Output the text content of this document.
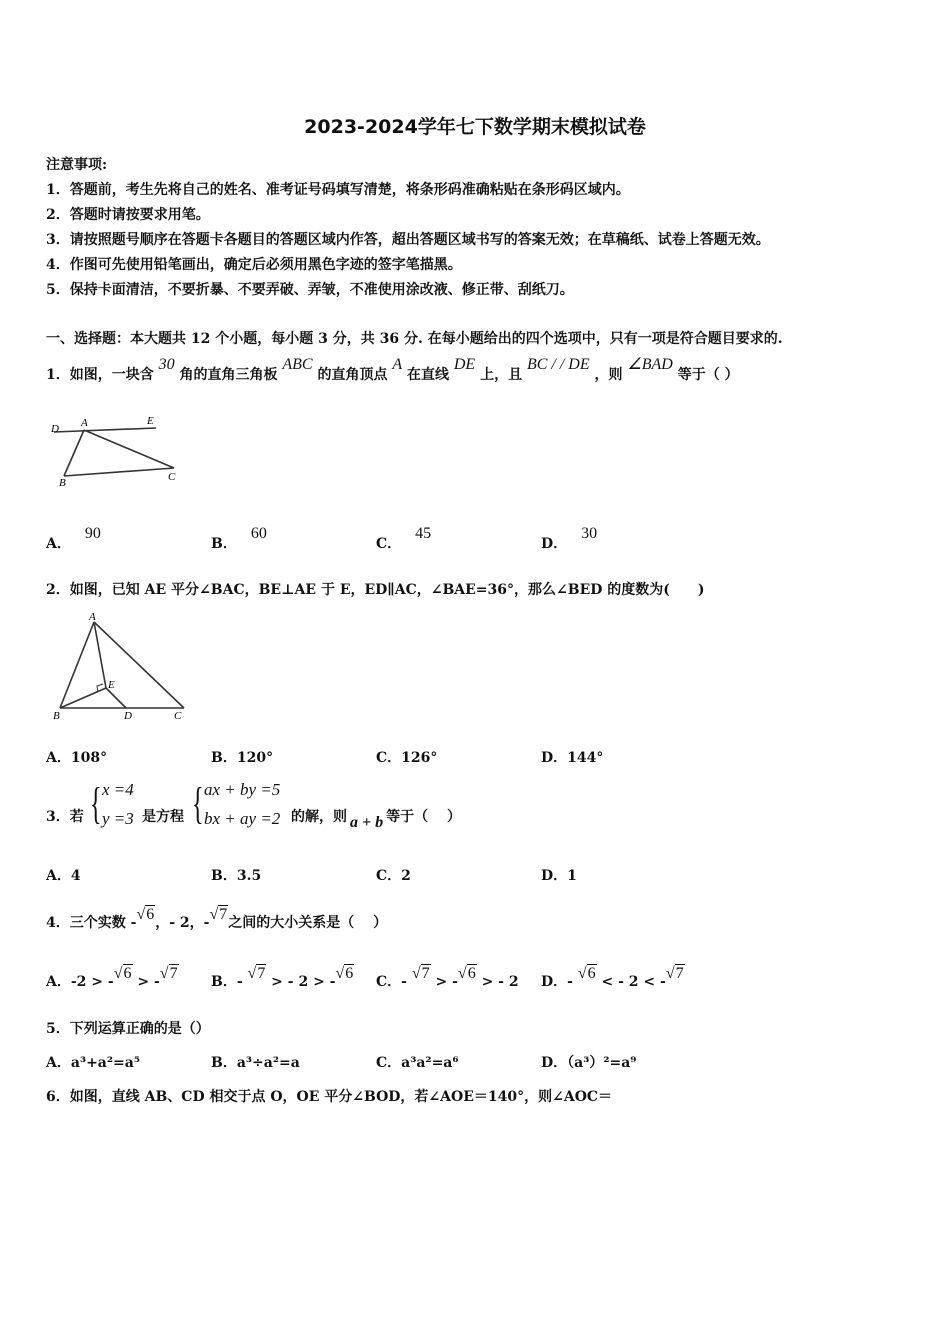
2023-2024学年七下数学期末模拟试卷
注意事项:
1．答题前，考生先将自己的姓名、准考证号码填写清楚，将条形码准确粘贴在条形码区域内。
2．答题时请按要求用笔。
3．请按照题号顺序在答题卡各题目的答题区域内作答，超出答题区域书写的答案无效；在草稿纸、试卷上答题无效。
4．作图可先使用铅笔画出，确定后必须用黑色字迹的签字笔描黑。
5．保持卡面清洁，不要折暴、不要弄破、弄皱，不准使用涂改液、修正带、刮纸刀。
一、选择题：本大题共 12 个小题，每小题 3 分，共 36 分. 在每小题给出的四个选项中，只有一项是符合题目要求的.
1．如图，一块含 30 角的直角三角板 ABC 的直角顶点 A 在直线 DE 上，且 BC / / DE ，则 ∠BAD 等于（ ）
D A	E
B	C
A．90
B．60
C．45
D．30
2．如图，已知 AE 平分∠BAC，BE⊥AE 于 E，ED∥AC，∠BAE=36°，那么∠BED 的度数为(　　)
A
E
B	D	C
A．108°	B．120°	C．126°	D．144°
3．若 { x =4
y =3 是方程 { ax + by =5
bx + ay =2 的解，则 a + b 等于（　 ）
A．4	B．3.5	C．2	D．1
4．三个实数 -√6，- 2，-√7之间的大小关系是（　 ）
A．-2 > -√6 > -√7 B．- √7 > - 2 > -√6 C．- √7 > -√6 > - 2 D．- √6 < - 2 < -√7
5．下列运算正确的是（）
A．a³+a²=a⁵	B．a³÷a²=a	C．a³a²=a⁶	D．（a³）²=a⁹
6．如图，直线 AB、CD 相交于点 O，OE 平分∠BOD，若∠AOE＝140°，则∠AOC＝
